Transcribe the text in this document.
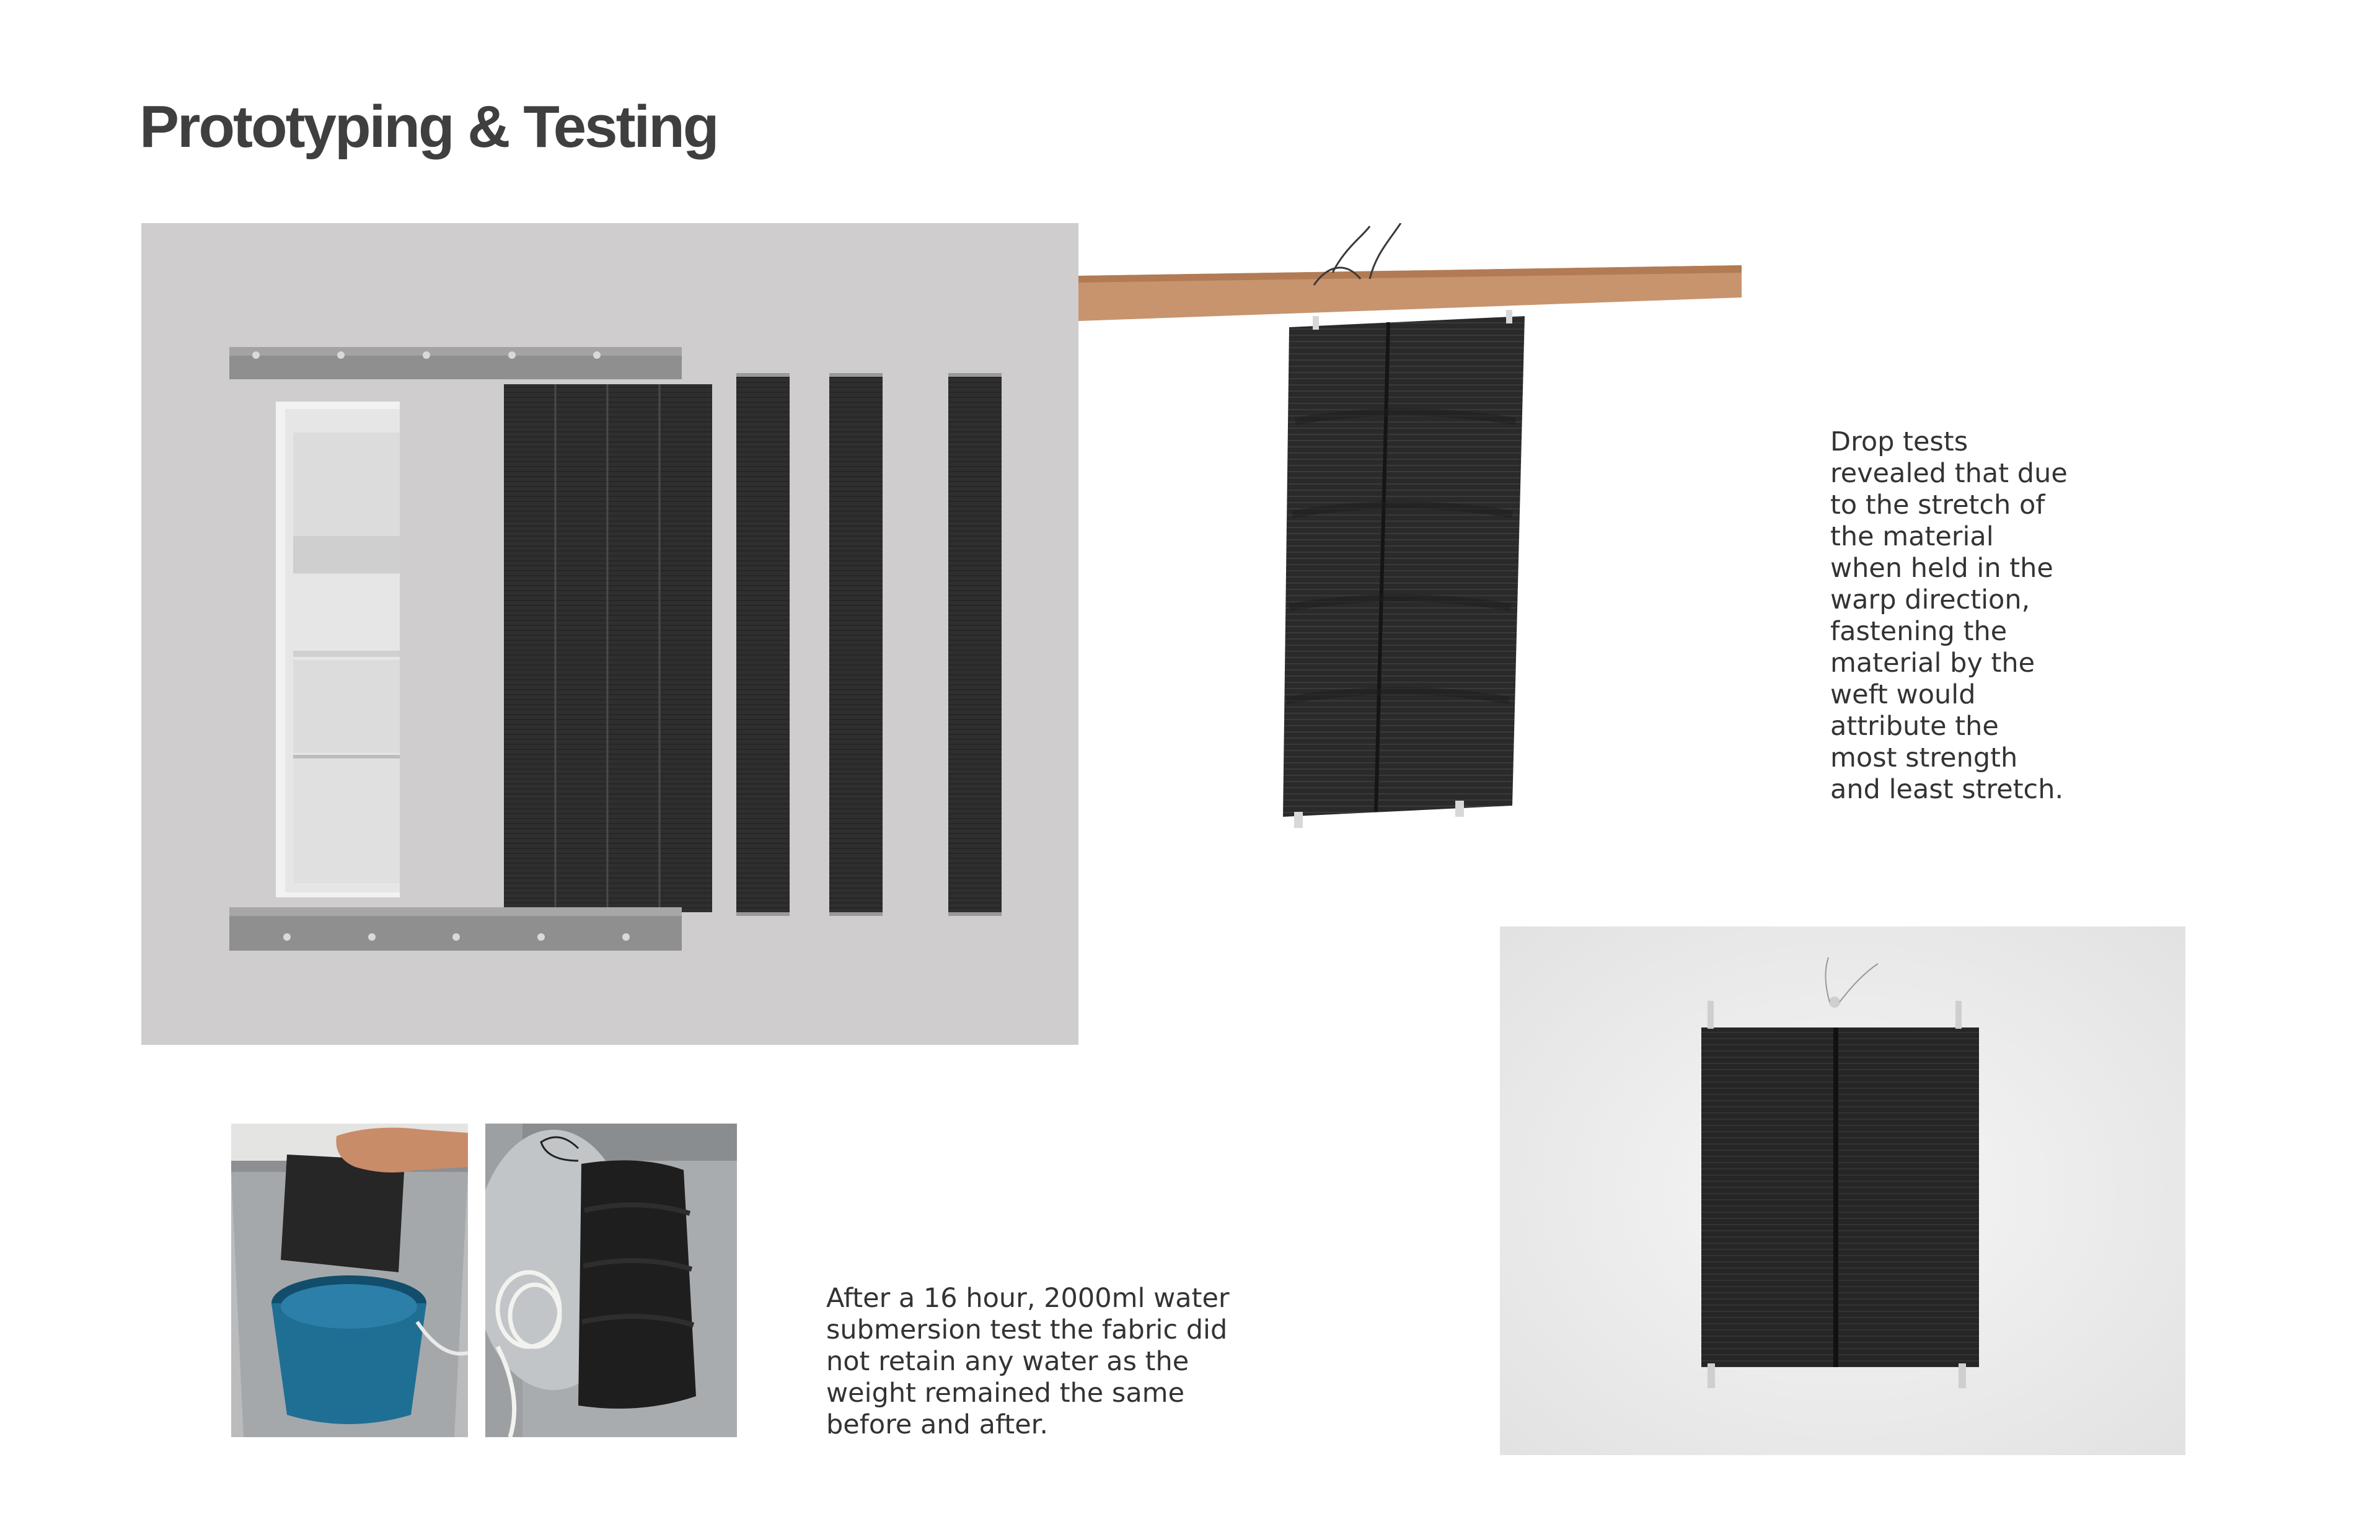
Prototyping & Testing

Drop tests
revealed that due
to the stretch of
the material
when held in the
warp direction,
fastening the
material by the
weft would
attribute the
most strength
and least stretch.

After a 16 hour, 2000ml water
submersion test the fabric did
not retain any water as the
weight remained the same
before and after.
